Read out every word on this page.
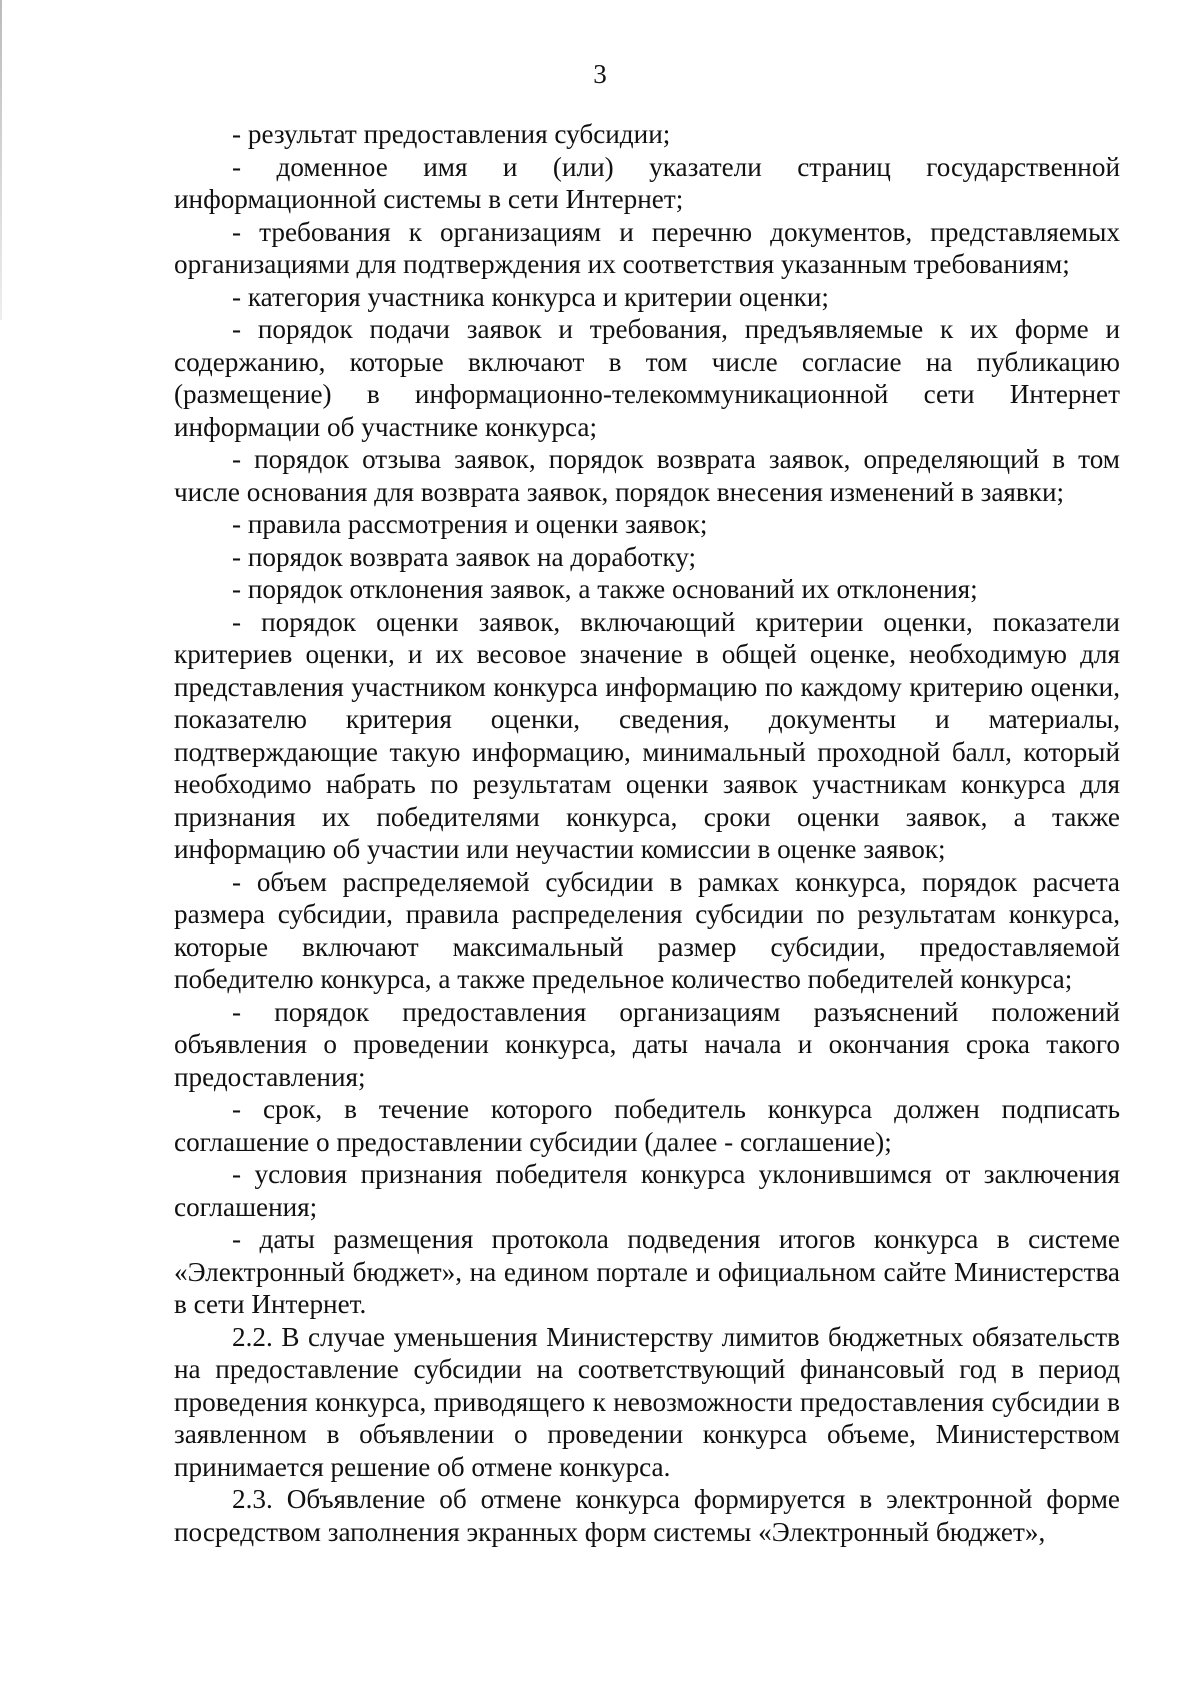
3

- результат предоставления субсидии;

- доменное имя и (или) указатели страниц государственной информационной системы в сети Интернет;

- требования к организациям и перечню документов, представляемых организациями для подтверждения их соответствия указанным требованиям;

- категория участника конкурса и критерии оценки;

- порядок подачи заявок и требования, предъявляемые к их форме и содержанию, которые включают в том числе согласие на публикацию (размещение) в информационно-телекоммуникационной сети Интернет информации об участнике конкурса;

- порядок отзыва заявок, порядок возврата заявок, определяющий в том числе основания для возврата заявок, порядок внесения изменений в заявки;

- правила рассмотрения и оценки заявок;

- порядок возврата заявок на доработку;

- порядок отклонения заявок, а также оснований их отклонения;

- порядок оценки заявок, включающий критерии оценки, показатели критериев оценки, и их весовое значение в общей оценке, необходимую для представления участником конкурса информацию по каждому критерию оценки, показателю критерия оценки, сведения, документы и материалы, подтверждающие такую информацию, минимальный проходной балл, который необходимо набрать по результатам оценки заявок участникам конкурса для признания их победителями конкурса, сроки оценки заявок, а также информацию об участии или неучастии комиссии в оценке заявок;

- объем распределяемой субсидии в рамках конкурса, порядок расчета размера субсидии, правила распределения субсидии по результатам конкурса, которые включают максимальный размер субсидии, предоставляемой победителю конкурса, а также предельное количество победителей конкурса;

- порядок предоставления организациям разъяснений положений объявления о проведении конкурса, даты начала и окончания срока такого предоставления;

- срок, в течение которого победитель конкурса должен подписать соглашение о предоставлении субсидии (далее - соглашение);

- условия признания победителя конкурса уклонившимся от заключения соглашения;

- даты размещения протокола подведения итогов конкурса в системе «Электронный бюджет», на едином портале и официальном сайте Министерства в сети Интернет.

2.2. В случае уменьшения Министерству лимитов бюджетных обязательств на предоставление субсидии на соответствующий финансовый год в период проведения конкурса, приводящего к невозможности предоставления субсидии в заявленном в объявлении о проведении конкурса объеме, Министерством принимается решение об отмене конкурса.

2.3. Объявление об отмене конкурса формируется в электронной форме посредством заполнения экранных форм системы «Электронный бюджет»,
